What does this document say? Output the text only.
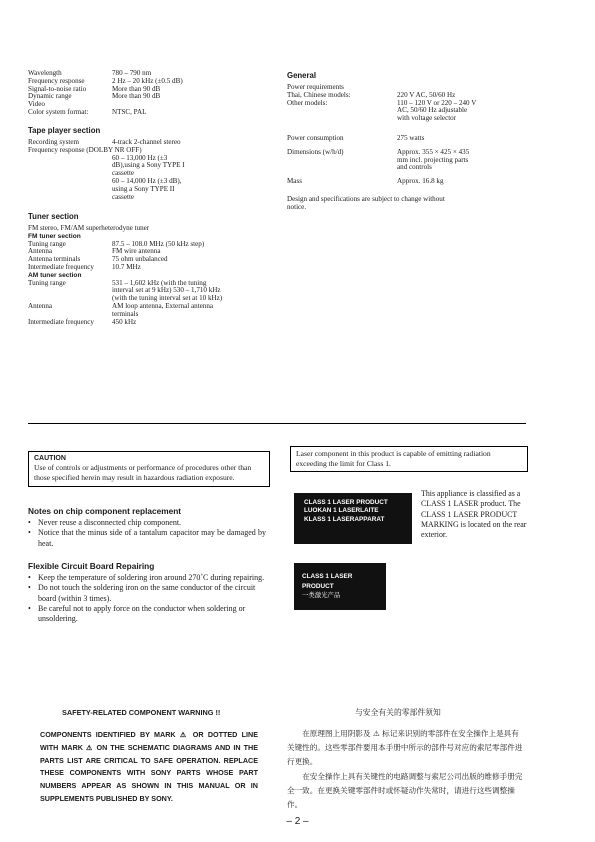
Wavelength	780 – 790 nm
Frequency response	2 Hz – 20 kHz (±0.5 dB)
Signal-to-noise ratio	More than 90 dB
Dynamic range	More than 90 dB
Video
Color system format:	NTSC, PAL
Tape player section
Recording system	4-track 2-channel stereo
Frequency response (DOLBY NR OFF)
60 – 13,000 Hz (±3
dB),using a Sony TYPE I
cassette
60 – 14,000 Hz (±3 dB),
using a Sony TYPE II
cassette
Tuner section
FM stereo, FM/AM superheterodyne tuner
FM tuner section
Tuning range	87.5 – 108.0 MHz (50 kHz step)
Antenna	FM wire antenna
Antenna terminals	75 ohm unbalanced
Intermediate frequency	10.7 MHz
AM tuner section
Tuning range	531 – 1,602 kHz (with the tuning interval set at 9 kHz) 530 – 1,710 kHz (with the tuning interval set at 10 kHz)
Antenna	AM loop antenna, External antenna terminals
Intermediate frequency	450 kHz
General
Power requirements
Thai, Chinese models:	220 V AC, 50/60 Hz
Other models:	110 – 120 V or 220 – 240 V AC, 50/60 Hz adjustable with voltage selector
Power consumption	275 watts
Dimensions (w/h/d)	Approx. 355 × 425 × 435 mm incl. projecting parts and controls
Mass	Approx. 16.8 kg
Design and specifications are subject to change without notice.
CAUTION
Use of controls or adjustments or performance of procedures other than those specified herein may result in hazardous radiation exposure.
Laser component in this product is capable of emitting radiation exceeding the limit for Class 1.
Notes on chip component replacement
• Never reuse a disconnected chip component.
• Notice that the minus side of a tantalum capacitor may be damaged by heat.
Flexible Circuit Board Repairing
• Keep the temperature of soldering iron around 270˚C during repairing.
• Do not touch the soldering iron on the same conductor of the circuit board (within 3 times).
• Be careful not to apply force on the conductor when soldering or unsoldering.
CLASS 1 LASER PRODUCT
LUOKAN 1 LASERLAITE
KLASS 1 LASERAPPARAT
CLASS 1 LASER PRODUCT
一类激光产品
This appliance is classified as a CLASS 1 LASER product. The CLASS 1 LASER PRODUCT MARKING is located on the rear exterior.
SAFETY-RELATED COMPONENT WARNING !!
COMPONENTS IDENTIFIED BY MARK ⚠ OR DOTTED LINE WITH MARK ⚠ ON THE SCHEMATIC DIAGRAMS AND IN THE PARTS LIST ARE CRITICAL TO SAFE OPERATION. REPLACE THESE COMPONENTS WITH SONY PARTS WHOSE PART NUMBERS APPEAR AS SHOWN IN THIS MANUAL OR IN SUPPLEMENTS PUBLISHED BY SONY.
与安全有关的零部件须知
在原理图上用阴影及 ⚠ 标记来识别的零部件在安全操作上是具有关键性的。这些零部件要用本手册中所示的部件号对应的索尼零部件进行更换。
在安全操作上具有关键性的电路调整与索尼公司出版的维修手册完全一致。在更换关键零部件时或怀疑动作失常时，请进行这些调整操作。
– 2 –
